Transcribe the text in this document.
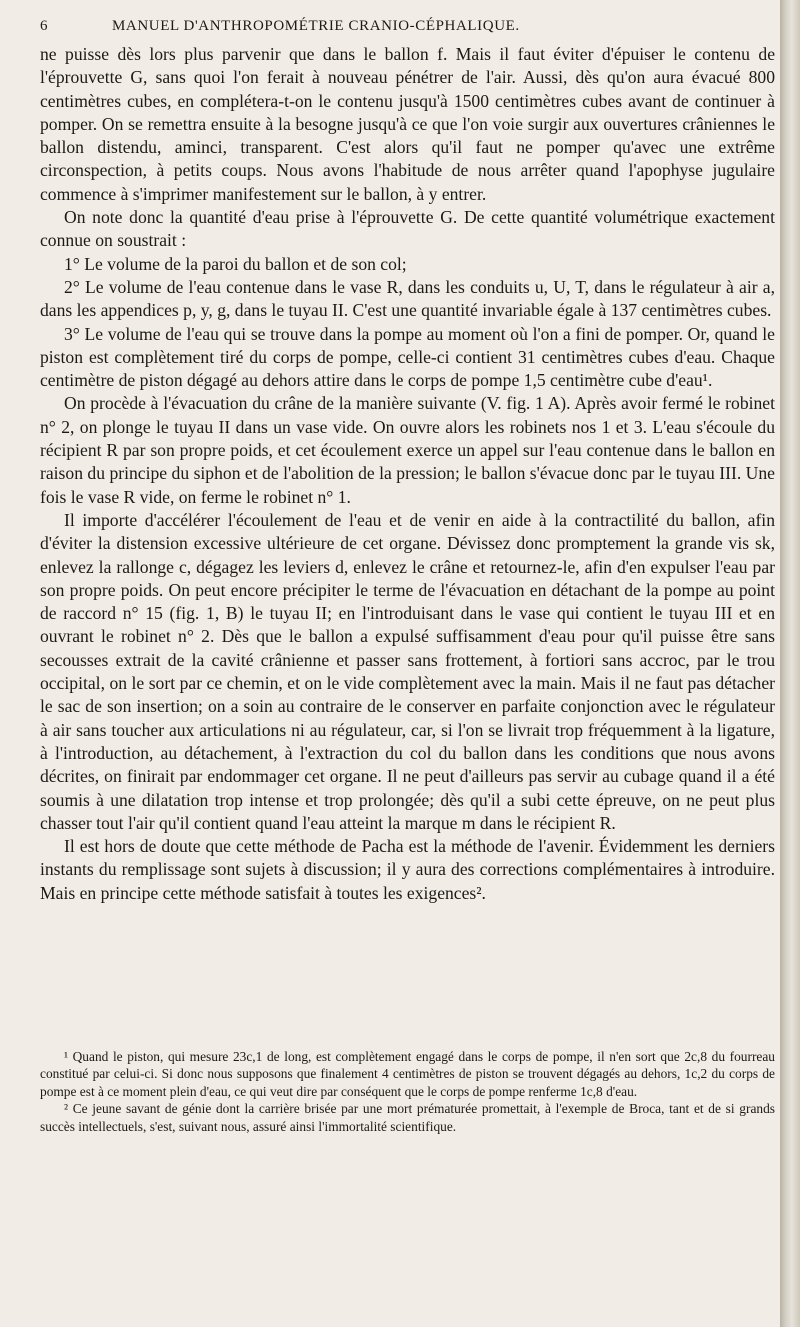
6	MANUEL D'ANTHROPOMÉTRIE CRANIO-CÉPHALIQUE.

ne puisse dès lors plus parvenir que dans le ballon f. Mais il faut éviter d'épuiser le contenu de l'éprouvette G, sans quoi l'on ferait à nouveau pénétrer de l'air. Aussi, dès qu'on aura évacué 800 centimètres cubes, en complétera-t-on le contenu jusqu'à 1500 centimètres cubes avant de continuer à pomper. On se remettra ensuite à la besogne jusqu'à ce que l'on voie surgir aux ouvertures crâniennes le ballon distendu, aminci, transparent. C'est alors qu'il faut ne pomper qu'avec une extrême circonspection, à petits coups. Nous avons l'habitude de nous arrêter quand l'apophyse jugulaire commence à s'imprimer manifestement sur le ballon, à y entrer.

On note donc la quantité d'eau prise à l'éprouvette G. De cette quantité volumétrique exactement connue on soustrait :

1° Le volume de la paroi du ballon et de son col;

2° Le volume de l'eau contenue dans le vase R, dans les conduits u, U, T, dans le régulateur à air a, dans les appendices p, y, g, dans le tuyau II. C'est une quantité invariable égale à 137 centimètres cubes.

3° Le volume de l'eau qui se trouve dans la pompe au moment où l'on a fini de pomper. Or, quand le piston est complètement tiré du corps de pompe, celle-ci contient 31 centimètres cubes d'eau. Chaque centimètre de piston dégagé au dehors attire dans le corps de pompe 1,5 centimètre cube d'eau¹.

On procède à l'évacuation du crâne de la manière suivante (V. fig. 1 A). Après avoir fermé le robinet n° 2, on plonge le tuyau II dans un vase vide. On ouvre alors les robinets nos 1 et 3. L'eau s'écoule du récipient R par son propre poids, et cet écoulement exerce un appel sur l'eau contenue dans le ballon en raison du principe du siphon et de l'abolition de la pression; le ballon s'évacue donc par le tuyau III. Une fois le vase R vide, on ferme le robinet n° 1.

Il importe d'accélérer l'écoulement de l'eau et de venir en aide à la contractilité du ballon, afin d'éviter la distension excessive ultérieure de cet organe. Dévissez donc promptement la grande vis sk, enlevez la rallonge c, dégagez les leviers d, enlevez le crâne et retournez-le, afin d'en expulser l'eau par son propre poids. On peut encore précipiter le terme de l'évacuation en détachant de la pompe au point de raccord n° 15 (fig. 1, B) le tuyau II; en l'introduisant dans le vase qui contient le tuyau III et en ouvrant le robinet n° 2. Dès que le ballon a expulsé suffisamment d'eau pour qu'il puisse être sans secousses extrait de la cavité crânienne et passer sans frottement, à fortiori sans accroc, par le trou occipital, on le sort par ce chemin, et on le vide complètement avec la main. Mais il ne faut pas détacher le sac de son insertion; on a soin au contraire de le conserver en parfaite conjonction avec le régulateur à air sans toucher aux articulations ni au régulateur, car, si l'on se livrait trop fréquemment à la ligature, à l'introduction, au détachement, à l'extraction du col du ballon dans les conditions que nous avons décrites, on finirait par endommager cet organe. Il ne peut d'ailleurs pas servir au cubage quand il a été soumis à une dilatation trop intense et trop prolongée; dès qu'il a subi cette épreuve, on ne peut plus chasser tout l'air qu'il contient quand l'eau atteint la marque m dans le récipient R.

Il est hors de doute que cette méthode de Pacha est la méthode de l'avenir. Évidemment les derniers instants du remplissage sont sujets à discussion; il y aura des corrections complémentaires à introduire. Mais en principe cette méthode satisfait à toutes les exigences².

¹ Quand le piston, qui mesure 23c,1 de long, est complètement engagé dans le corps de pompe, il n'en sort que 2c,8 du fourreau constitué par celui-ci. Si donc nous supposons que finalement 4 centimètres de piston se trouvent dégagés au dehors, 1c,2 du corps de pompe est à ce moment plein d'eau, ce qui veut dire par conséquent que le corps de pompe renferme 1c,8 d'eau.

² Ce jeune savant de génie dont la carrière brisée par une mort prématurée promettait, à l'exemple de Broca, tant et de si grands succès intellectuels, s'est, suivant nous, assuré ainsi l'immortalité scientifique.
